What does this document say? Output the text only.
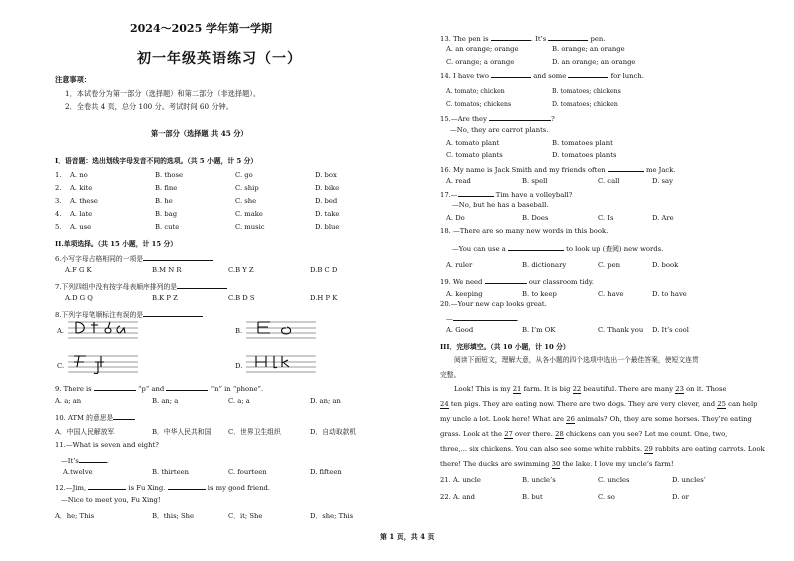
2024～2025 学年第一学期
初一年级英语练习（一）
注意事项：
1．本试卷分为第一部分（选择题）和第二部分（非选择题）。
2．全卷共 4 页，总分 100 分。考试时间 60 分钟。
第一部分（选择题 共 45 分）
I．语音题：选出划线字母发音不同的选项。（共 5 小题，计 5 分）
1. A. no	B. those	C. go	D. box
2. A. kite	B. fine	C. ship	D. bike
3. A. these	B. he	C. she	D. bed
4. A. late	B. bag	C. make	D. take
5. A. use	B. cute	C. music	D. blue
II.单项选择。（共 15 小题，计 15 分）
6.小写字母占格相同的一项是
A.F G K	B.M N R	C.B Y Z	D.B C D
7.下列四组中没有按字母表顺序排列的是
A.D G Q	B.K P Z	C.B D S	D.H P K
8.下列字母笔顺标注有误的是
A.	B.
C.	D.
9. There is	“p” and	“n” in “phone”.
A. a; an	B. an; a	C. a; a	D. an; an
10. ATM 的意思是
A．中国人民解放军	B．中华人民共和国 C．世界卫生组织	D．自动取款机
11.—What is seven and eight?
—It’s	.
A.twelve	B. thirteen	C. fourteen	D. fifteen
12.—Jim,	is Fu Xing.	is my good friend.
—Nice to meet you, Fu Xing!
A．he; This	B．this; She	C．it; She	D．she; This
13. The pen is	. It’s	pen.
A. an orange; orange	B. orange; an orange
C. orange; a orange	D. an orange; an orange
14. I have two	and some	for lunch.
A. tomato; chicken	B. tomatoes; chickens
C. tomatos; chickens	D. tomatoes; chicken
15.—Are they	?
—No, they are carrot plants.
A. tomato plant	B. tomatoes plant
C. tomato plants	D. tomatoes plants
16. My name is Jack Smith and my friends often	me Jack.
A. read	B. spell	C. call	D. say
17.—	Tim have a volleyball?
—No, but he has a baseball.
A. Do	B. Does	C. Is	D. Are
18. —There are so many new words in this book.
—You can use a	to look up (查阅) new words.
A. ruler	B. dictionary	C. pen	D. book
19. We need	our classroom tidy.
A. keeping	B. to keep	C. have	D. to have
20.—Your new cap looks great.
—	.
A. Good	B. I’m OK	C. Thank you D. It’s cool
III．完形填空。（共 10 小题，计 10 分）
阅读下面短文，理解大意，从各小题的四个选项中选出一个最佳答案，使短文连贯
完整。
Look! This is my 21 farm. It is big 22 beautiful. There are many 23 on it. Those
24 ten pigs. They are eating now. There are two dogs. They are very clever, and 25 can help
my uncle a lot. Look here! What are 26 animals? Oh, they are some horses. They’re eating
grass. Look at the 27 over there. 28 chickens can you see? Let me count. One, two,
three,... six chickens. You can also see some white rabbits. 29 rabbits are eating carrots. Look
there! The ducks are swimming 30 the lake. I love my uncle’s farm!
21. A. uncle	B. uncle’s	C. uncles	D. uncles’
22. A. and	B. but	C. so	D. or
第 1 页，共 4 页
